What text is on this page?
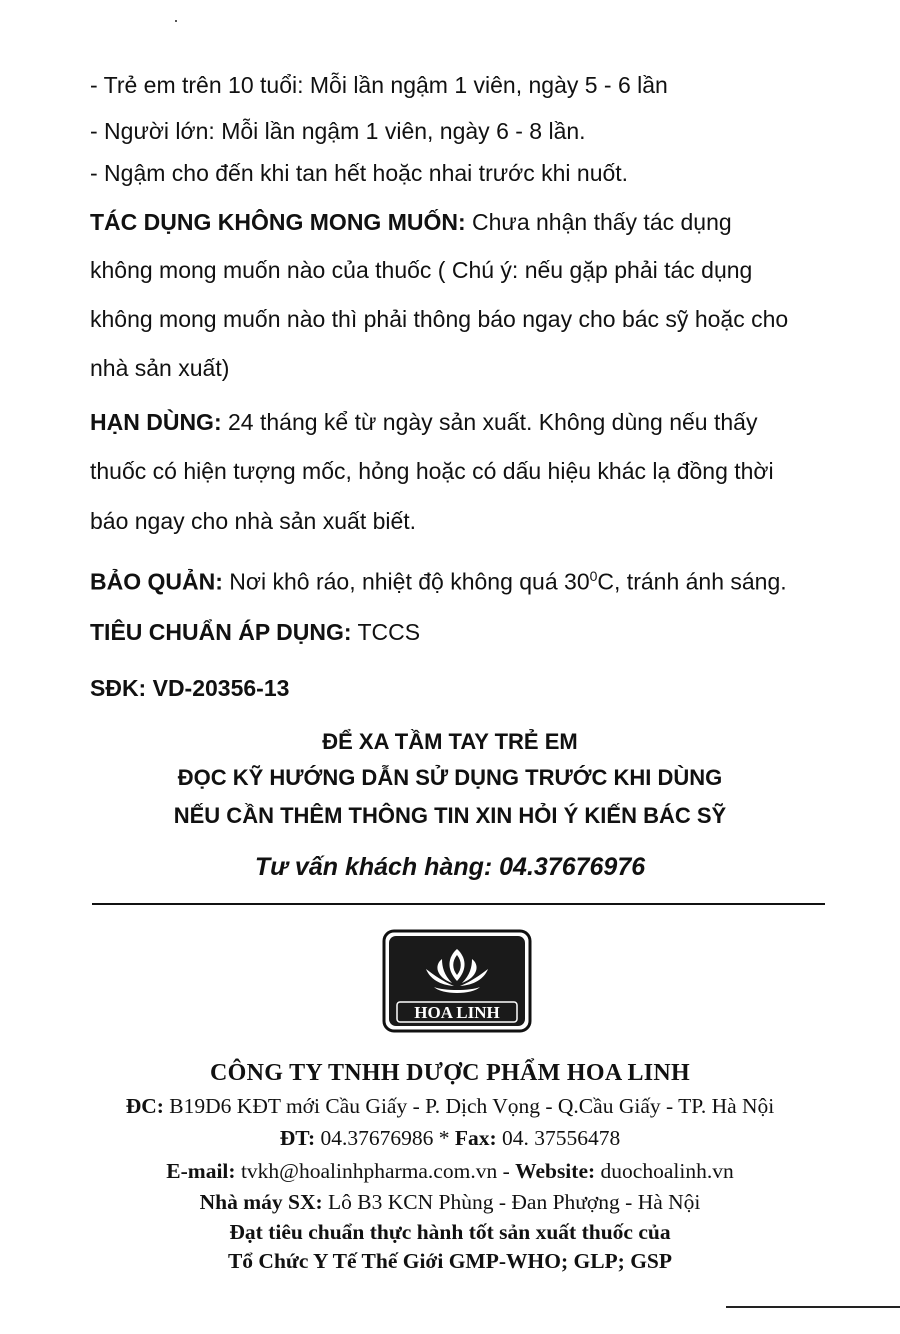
- Trẻ em trên 10 tuổi: Mỗi lần ngậm 1 viên, ngày 5 - 6 lần
- Người lớn: Mỗi lần ngậm 1 viên, ngày 6 - 8 lần.
- Ngậm cho đến khi tan hết hoặc nhai trước khi nuốt.
TÁC DỤNG KHÔNG MONG MUỐN: Chưa nhận thấy tác dụng
không mong muốn nào của thuốc ( Chú ý: nếu gặp phải tác dụng
không mong muốn nào thì phải thông báo ngay cho bác sỹ hoặc cho
nhà sản xuất)
HẠN DÙNG: 24 tháng kể từ ngày sản xuất. Không dùng nếu thấy
thuốc có hiện tượng mốc, hỏng hoặc có dấu hiệu khác lạ đồng thời
báo ngay cho nhà sản xuất biết.
BẢO QUẢN: Nơi khô ráo, nhiệt độ không quá $30^0C$, tránh ánh sáng.
TIÊU CHUẨN ÁP DỤNG: TCCS
SĐK: VD-20356-13
ĐỂ XA TẦM TAY TRẺ EM
ĐỌC KỸ HƯỚNG DẪN SỬ DỤNG TRƯỚC KHI DÙNG
NẾU CẦN THÊM THÔNG TIN XIN HỎI Ý KIẾN BÁC SỸ
Tư vấn khách hàng: 04.37676976
HOA LINH
CÔNG TY TNHH DƯỢC PHẨM HOA LINH
ĐC: B19D6 KĐT mới Cầu Giấy - P. Dịch Vọng - Q.Cầu Giấy - TP. Hà Nội
ĐT: 04.37676986 * Fax: 04. 37556478
E-mail: tvkh@hoalinhpharma.com.vn - Website: duochoalinh.vn
Nhà máy SX: Lô B3 KCN Phùng - Đan Phượng - Hà Nội
Đạt tiêu chuẩn thực hành tốt sản xuất thuốc của
Tổ Chức Y Tế Thế Giới GMP-WHO; GLP; GSP
